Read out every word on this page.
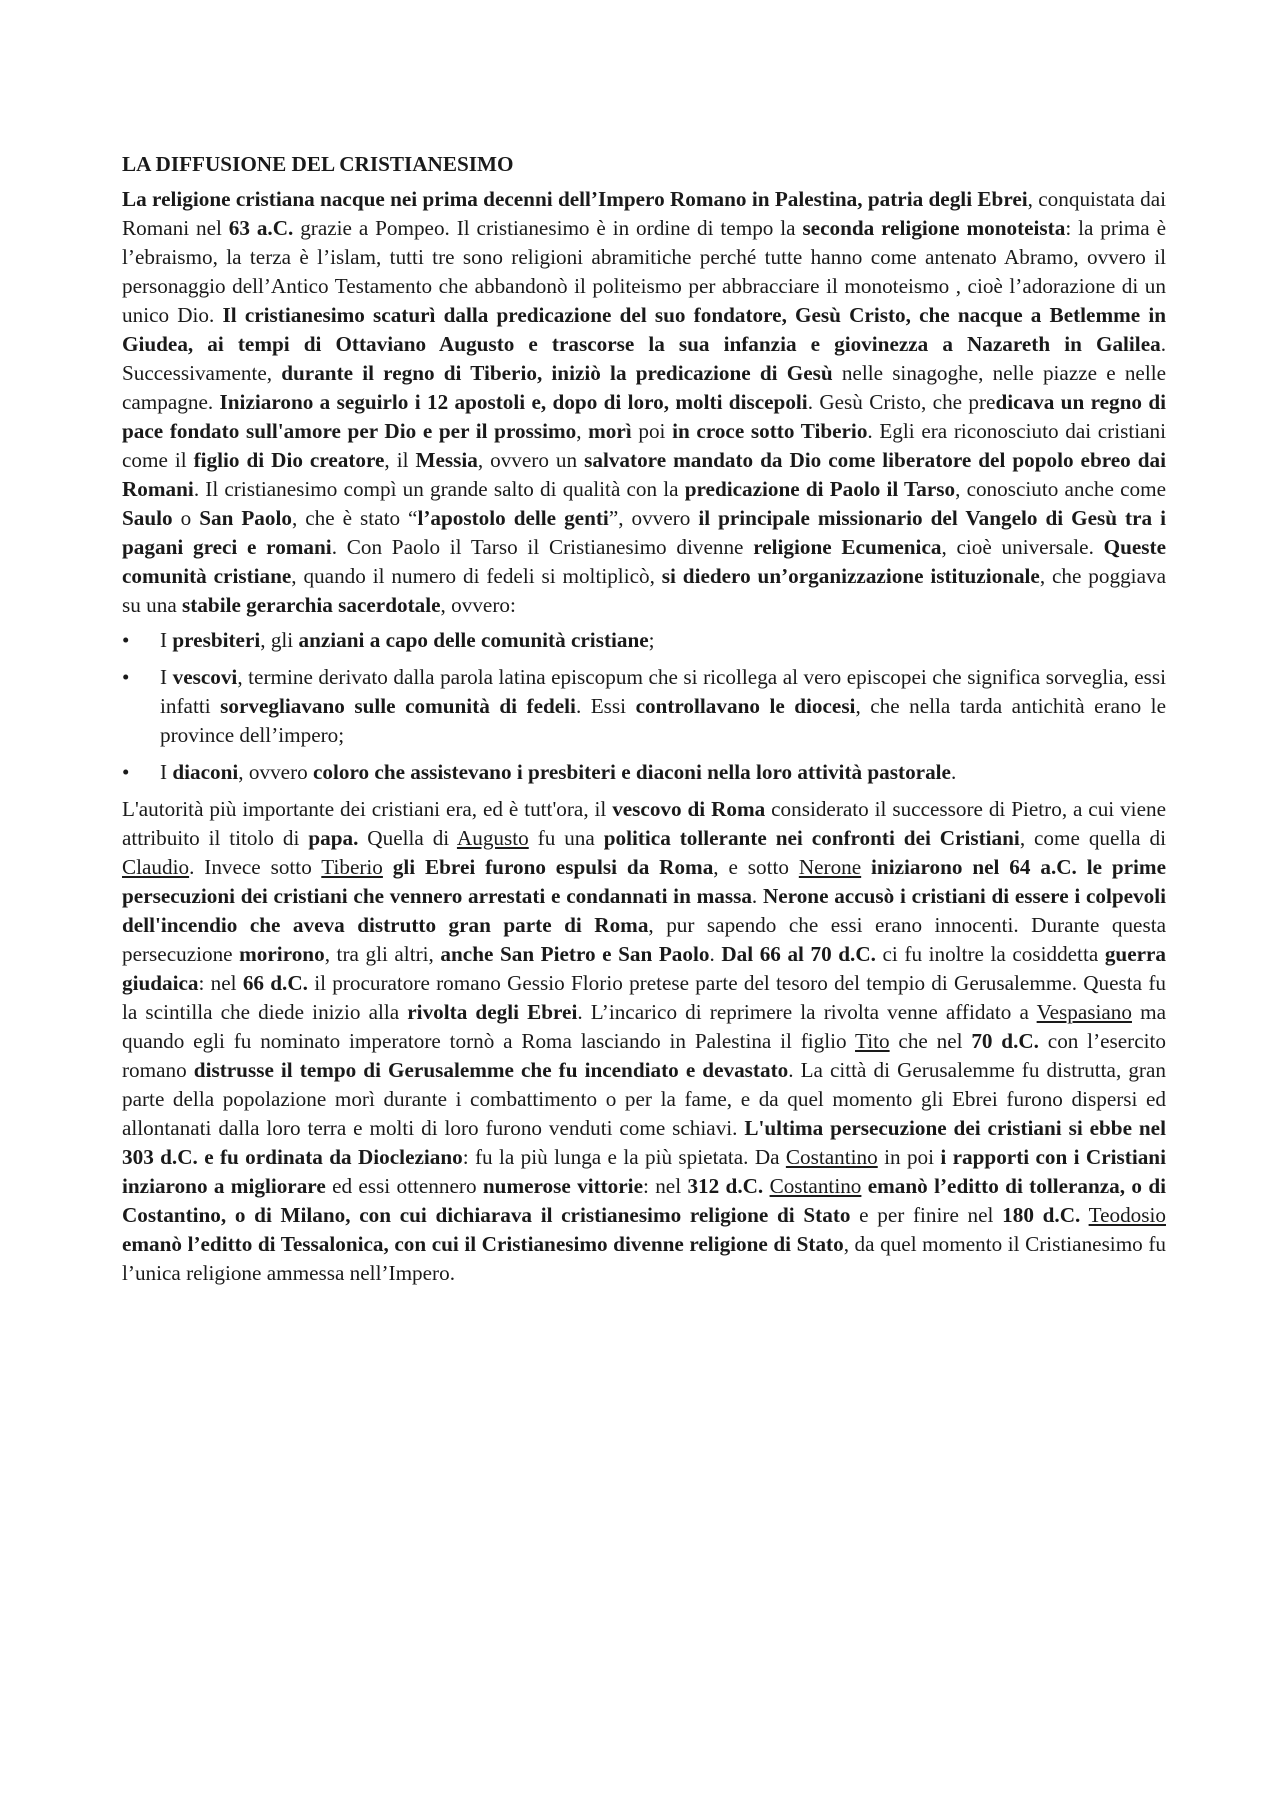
LA DIFFUSIONE DEL CRISTIANESIMO

La religione cristiana nacque nei prima decenni dell’Impero Romano in Palestina, patria degli Ebrei, conquistata dai Romani nel 63 a.C. grazie a Pompeo. Il cristianesimo è in ordine di tempo la seconda religione monoteista: la prima è l’ebraismo, la terza è l’islam, tutti tre sono religioni abramitiche perché tutte hanno come antenato Abramo, ovvero il personaggio dell’Antico Testamento che abbandonò il politeismo per abbracciare il monoteismo , cioè l’adorazione di un unico Dio. Il cristianesimo scaturì dalla predicazione del suo fondatore, Gesù Cristo, che nacque a Betlemme in Giudea, ai tempi di Ottaviano Augusto e trascorse la sua infanzia e giovinezza a Nazareth in Galilea. Successivamente, durante il regno di Tiberio, iniziò la predicazione di Gesù nelle sinagoghe, nelle piazze e nelle campagne. Iniziarono a seguirlo i 12 apostoli e, dopo di loro, molti discepoli. Gesù Cristo, che predicava un regno di pace fondato sull'amore per Dio e per il prossimo, morì poi in croce sotto Tiberio. Egli era riconosciuto dai cristiani come il figlio di Dio creatore, il Messia, ovvero un salvatore mandato da Dio come liberatore del popolo ebreo dai Romani. Il cristianesimo compì un grande salto di qualità con la predicazione di Paolo il Tarso, conosciuto anche come Saulo o San Paolo, che è stato “l’apostolo delle genti”, ovvero il principale missionario del Vangelo di Gesù tra i pagani greci e romani. Con Paolo il Tarso il Cristianesimo divenne religione Ecumenica, cioè universale. Queste comunità cristiane, quando il numero di fedeli si moltiplicò, si diedero un’organizzazione istituzionale, che poggiava su una stabile gerarchia sacerdotale, ovvero:

•	I presbiteri, gli anziani a capo delle comunità cristiane;
•	I vescovi, termine derivato dalla parola latina episcopum che si ricollega al vero episcopei che significa sorveglia, essi infatti sorvegliavano sulle comunità di fedeli. Essi controllavano le diocesi, che nella tarda antichità erano le province dell’impero;
•	I diaconi, ovvero coloro che assistevano i presbiteri e diaconi nella loro attività pastorale.

L'autorità più importante dei cristiani era, ed è tutt'ora, il vescovo di Roma considerato il successore di Pietro, a cui viene attribuito il titolo di papa. Quella di Augusto fu una politica tollerante nei confronti dei Cristiani, come quella di Claudio. Invece sotto Tiberio gli Ebrei furono espulsi da Roma, e sotto Nerone iniziarono nel 64 a.C. le prime persecuzioni dei cristiani che vennero arrestati e condannati in massa. Nerone accusò i cristiani di essere i colpevoli dell'incendio che aveva distrutto gran parte di Roma, pur sapendo che essi erano innocenti. Durante questa persecuzione morirono, tra gli altri, anche San Pietro e San Paolo. Dal 66 al 70 d.C. ci fu inoltre la cosiddetta guerra giudaica: nel 66 d.C. il procuratore romano Gessio Florio pretese parte del tesoro del tempio di Gerusalemme. Questa fu la scintilla che diede inizio alla rivolta degli Ebrei. L’incarico di reprimere la rivolta venne affidato a Vespasiano ma quando egli fu nominato imperatore tornò a Roma lasciando in Palestina il figlio Tito che nel 70 d.C. con l’esercito romano distrusse il tempo di Gerusalemme che fu incendiato e devastato. La città di Gerusalemme fu distrutta, gran parte della popolazione morì durante i combattimento o per la fame, e da quel momento gli Ebrei furono dispersi ed allontanati dalla loro terra e molti di loro furono venduti come schiavi. L'ultima persecuzione dei cristiani si ebbe nel 303 d.C. e fu ordinata da Diocleziano: fu la più lunga e la più spietata. Da Costantino in poi i rapporti con i Cristiani inziarono a migliorare ed essi ottennero numerose vittorie: nel 312 d.C. Costantino emanò l’editto di tolleranza, o di Costantino, o di Milano, con cui dichiarava il cristianesimo religione di Stato e per finire nel 180 d.C. Teodosio emanò l’editto di Tessalonica, con cui il Cristianesimo divenne religione di Stato, da quel momento il Cristianesimo fu l’unica religione ammessa nell’Impero.
